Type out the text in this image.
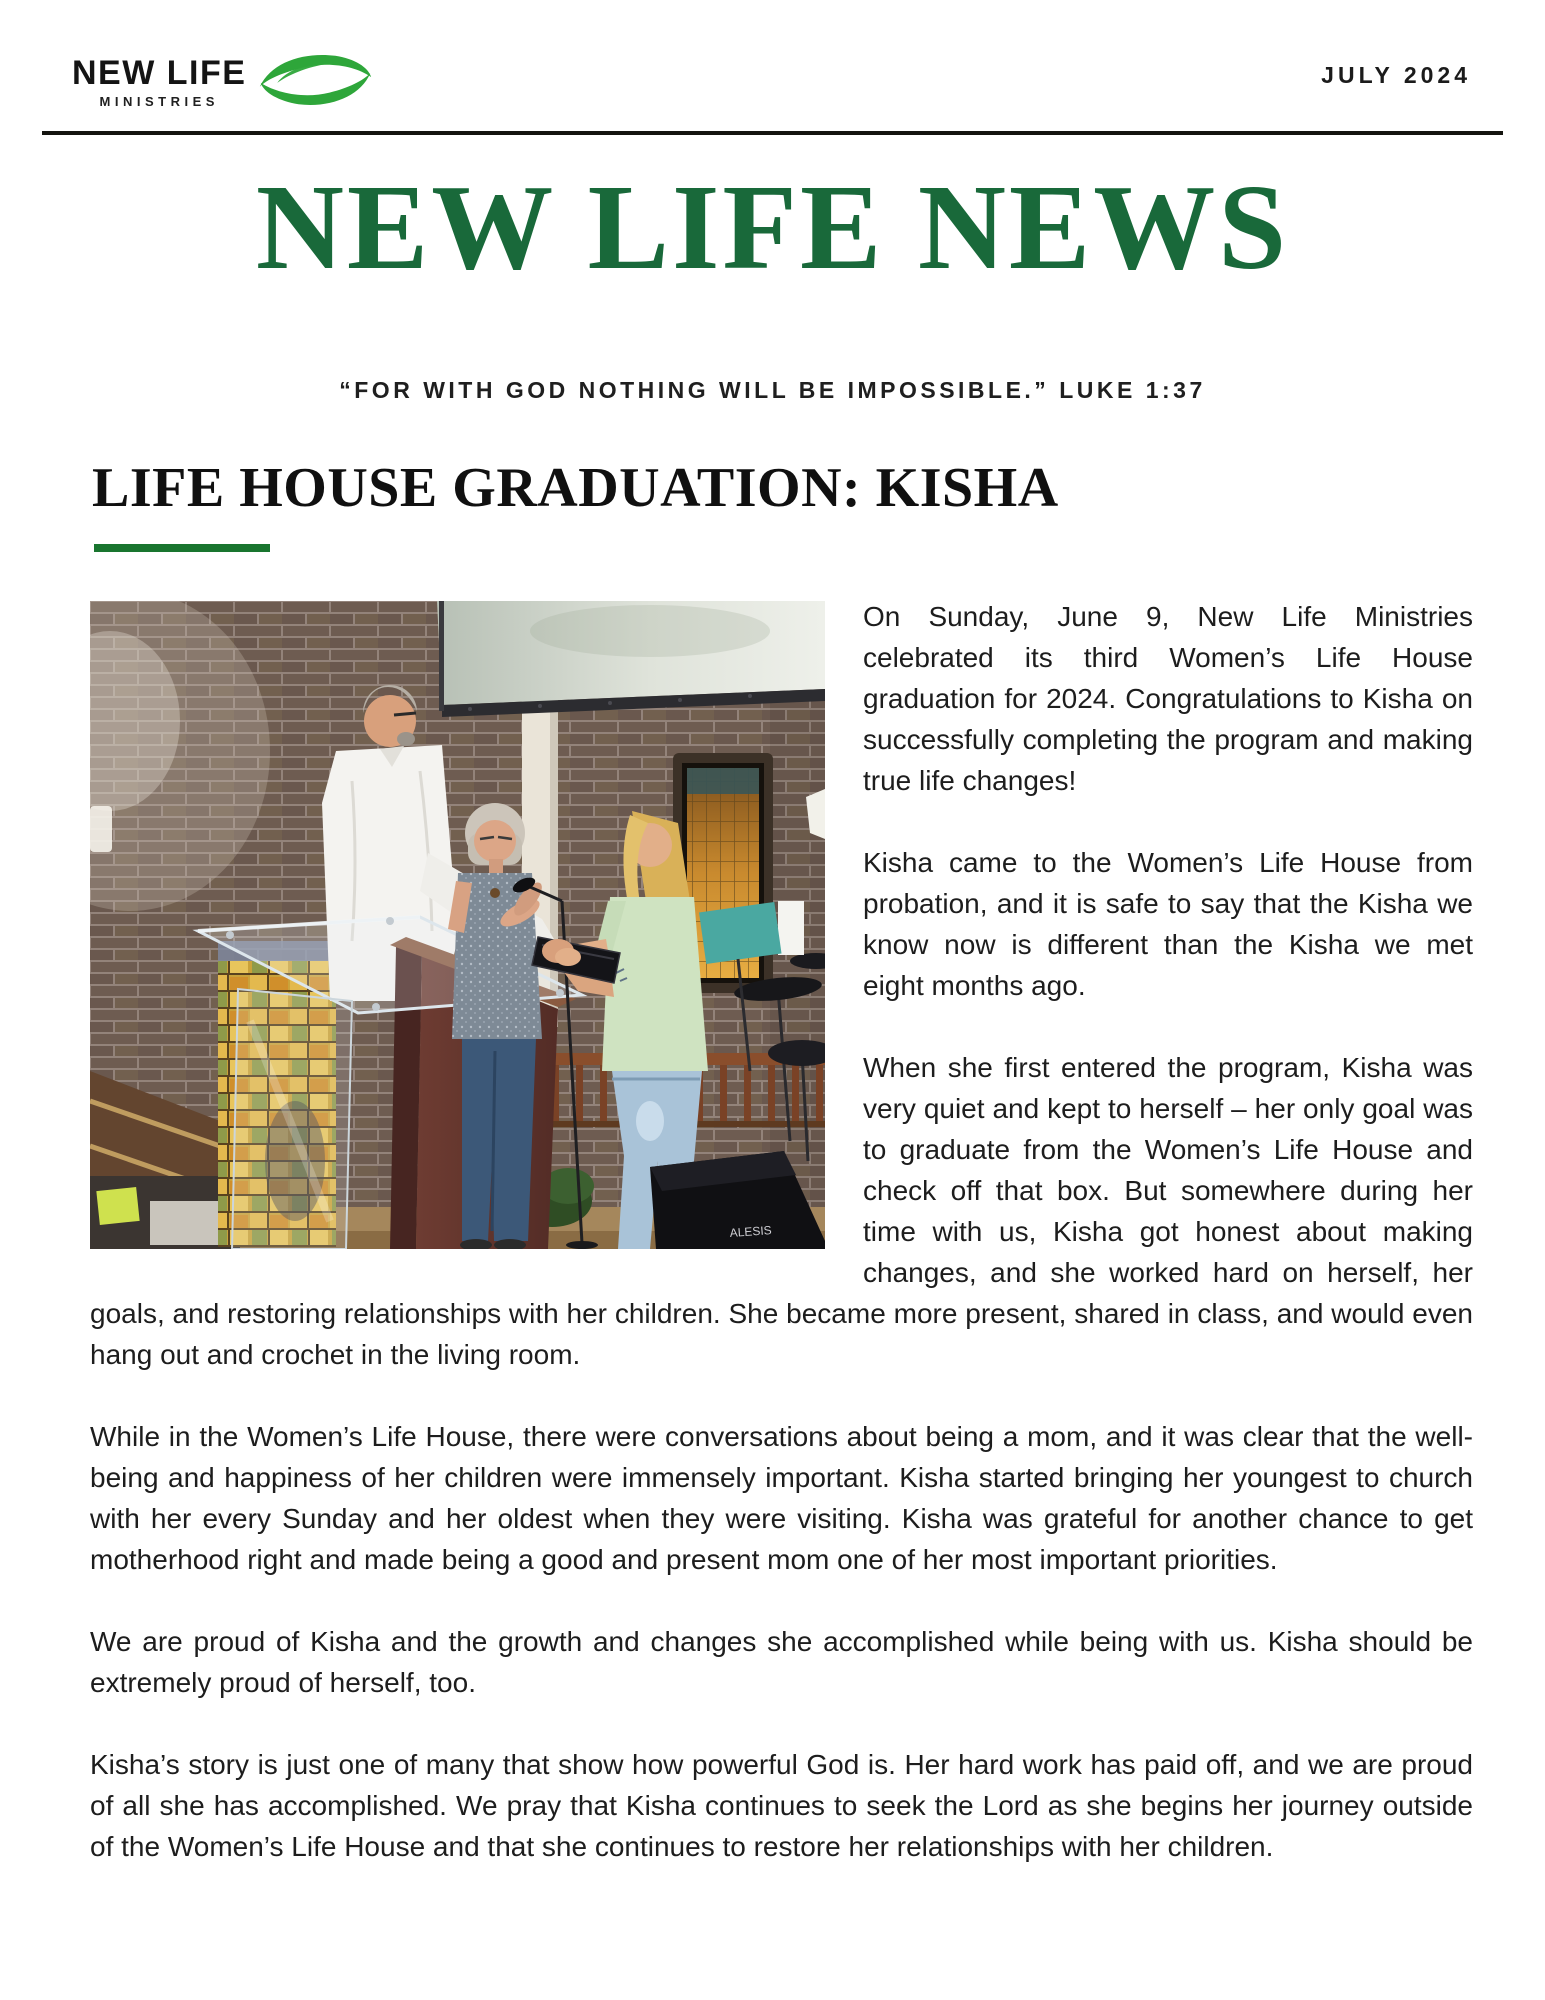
NEW LIFE
MINISTRIES
JULY 2024
NEW LIFE NEWS
“FOR WITH GOD NOTHING WILL BE IMPOSSIBLE.” LUKE 1:37
LIFE HOUSE GRADUATION: KISHA
ALESIS

On Sunday, June 9, New Life Ministries celebrated its third Women’s Life House graduation for 2024. Congratulations to Kisha on successfully completing the program and making true life changes!

Kisha came to the Women’s Life House from probation, and it is safe to say that the Kisha we know now is different than the Kisha we met eight months ago.

When she first entered the program, Kisha was very quiet and kept to herself – her only goal was to graduate from the Women’s Life House and check off that box. But somewhere during her time with us, Kisha got honest about making changes, and she worked hard on herself, her goals, and restoring relationships with her children. She became more present, shared in class, and would even hang out and crochet in the living room.

While in the Women’s Life House, there were conversations about being a mom, and it was clear that the well-being and happiness of her children were immensely important. Kisha started bringing her youngest to church with her every Sunday and her oldest when they were visiting. Kisha was grateful for another chance to get motherhood right and made being a good and present mom one of her most important priorities.

We are proud of Kisha and the growth and changes she accomplished while being with us. Kisha should be extremely proud of herself, too.

Kisha’s story is just one of many that show how powerful God is. Her hard work has paid off, and we are proud of all she has accomplished. We pray that Kisha continues to seek the Lord as she begins her journey outside of the Women’s Life House and that she continues to restore her relationships with her children.
